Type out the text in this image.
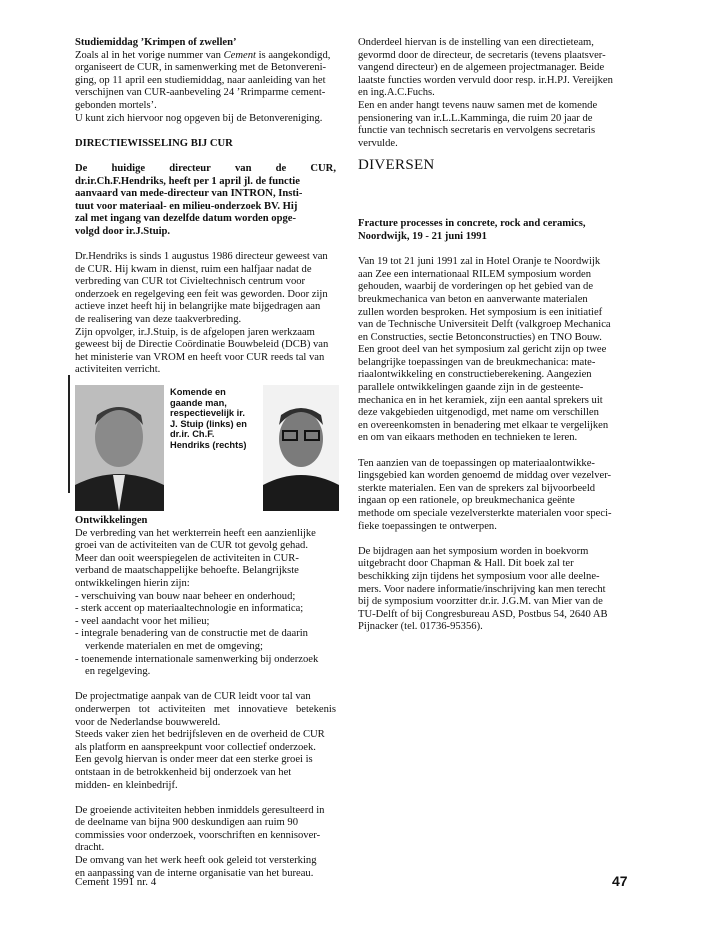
Studiemiddag ’Krimpen of zwellen’

Zoals al in het vorige nummer van Cement is aangekondigd,
organiseert de CUR, in samenwerking met de Betonvereni-
ging, op 11 april een studiemiddag, naar aanleiding van het
verschijnen van CUR-aanbeveling 24 ’Rrimparme cement-
gebonden mortels’.
U kunt zich hiervoor nog opgeven bij de Betonvereniging.

DIRECTIEWISSELING BIJ CUR

De huidige directeur van de CUR,
dr.ir.Ch.F.Hendriks, heeft per 1 april jl. de functie
aanvaard van mede-directeur van INTRON, Insti-
tuut voor materiaal- en milieu-onderzoek BV. Hij
zal met ingang van dezelfde datum worden opge-
volgd door ir.J.Stuip.
Dr.Hendriks is sinds 1 augustus 1986 directeur geweest van
de CUR. Hij kwam in dienst, ruim een halfjaar nadat de
verbreding van CUR tot Civieltechnisch centrum voor
onderzoek en regelgeving een feit was geworden. Door zijn
actieve inzet heeft hij in belangrijke mate bijgedragen aan
de realisering van deze taakverbreding.
Zijn opvolger, ir.J.Stuip, is de afgelopen jaren werkzaam
geweest bij de Directie Coördinatie Bouwbeleid (DCB) van
het ministerie van VROM en heeft voor CUR reeds tal van
activiteiten verricht.
Komende en
gaande man,
respectievelijk ir.
J. Stuip (links) en
dr.ir. Ch.F.
Hendriks (rechts)

Ontwikkelingen

De verbreding van het werkterrein heeft een aanzienlijke
groei van de activiteiten van de CUR tot gevolg gehad.
Meer dan ooit weerspiegelen de activiteiten in CUR-
verband de maatschappelijke behoefte. Belangrijkste
ontwikkelingen hierin zijn:
- verschuiving van bouw naar beheer en onderhoud;
- sterk accent op materiaaltechnologie en informatica;
- veel aandacht voor het milieu;
- integrale benadering van de constructie met de daarin
verkende materialen en met de omgeving;
- toenemende internationale samenwerking bij onderzoek
en regelgeving.
De projectmatige aanpak van de CUR leidt voor tal van
onderwerpen tot activiteiten met innovatieve betekenis
voor de Nederlandse bouwwereld.
Steeds vaker zien het bedrijfsleven en de overheid de CUR
als platform en aanspreekpunt voor collectief onderzoek.
Een gevolg hiervan is onder meer dat een sterke groei is
ontstaan in de betrokkenheid bij onderzoek van het
midden- en kleinbedrijf.
De groeiende activiteiten hebben inmiddels geresulteerd in
de deelname van bijna 900 deskundigen aan ruim 90
commissies voor onderzoek, voorschriften en kennisover-
dracht.
De omvang van het werk heeft ook geleid tot versterking
en aanpassing van de interne organisatie van het bureau.
Onderdeel hiervan is de instelling van een directieteam,
gevormd door de directeur, de secretaris (tevens plaatsver-
vangend directeur) en de algemeen projectmanager. Beide
laatste functies worden vervuld door resp. ir.H.PJ. Vereijken
en ing.A.C.Fuchs.
Een en ander hangt tevens nauw samen met de komende
pensionering van ir.L.L.Kamminga, die ruim 20 jaar de
functie van technisch secretaris en vervolgens secretaris
vervulde.
DIVERSEN
Fracture processes in concrete, rock and ceramics,
Noordwijk, 19 - 21 juni 1991
Van 19 tot 21 juni 1991 zal in Hotel Oranje te Noordwijk
aan Zee een internationaal RILEM symposium worden
gehouden, waarbij de vorderingen op het gebied van de
breukmechanica van beton en aanverwante materialen
zullen worden besproken. Het symposium is een initiatief
van de Technische Universiteit Delft (valkgroep Mechanica
en Constructies, sectie Betonconstructies) en TNO Bouw.
Een groot deel van het symposium zal gericht zijn op twee
belangrijke toepassingen van de breukmechanica: mate-
riaalontwikkeling en constructieberekening. Aangezien
parallele ontwikkelingen gaande zijn in de gesteente-
mechanica en in het keramiek, zijn een aantal sprekers uit
deze vakgebieden uitgenodigd, met name om verschillen
en overeenkomsten in benadering met elkaar te vergelijken
en om van eikaars methoden en technieken te leren.
Ten aanzien van de toepassingen op materiaalontwikke-
lingsgebied kan worden genoemd de middag over vezelver-
sterkte materialen. Een van de sprekers zal bijvoorbeeld
ingaan op een rationele, op breukmechanica geënte
methode om speciale vezelversterkte materialen voor speci-
fieke toepassingen te ontwerpen.
De bijdragen aan het symposium worden in boekvorm
uitgebracht door Chapman & Hall. Dit boek zal ter
beschikking zijn tijdens het symposium voor alle deelne-
mers. Voor nadere informatie/inschrijving kan men terecht
bij de symposium voorzitter dr.ir. J.G.M. van Mier van de
TU-Delft of bij Congresbureau ASD, Postbus 54, 2640 AB
Pijnacker (tel. 01736-95356).
Cement 1991 nr. 4	47
